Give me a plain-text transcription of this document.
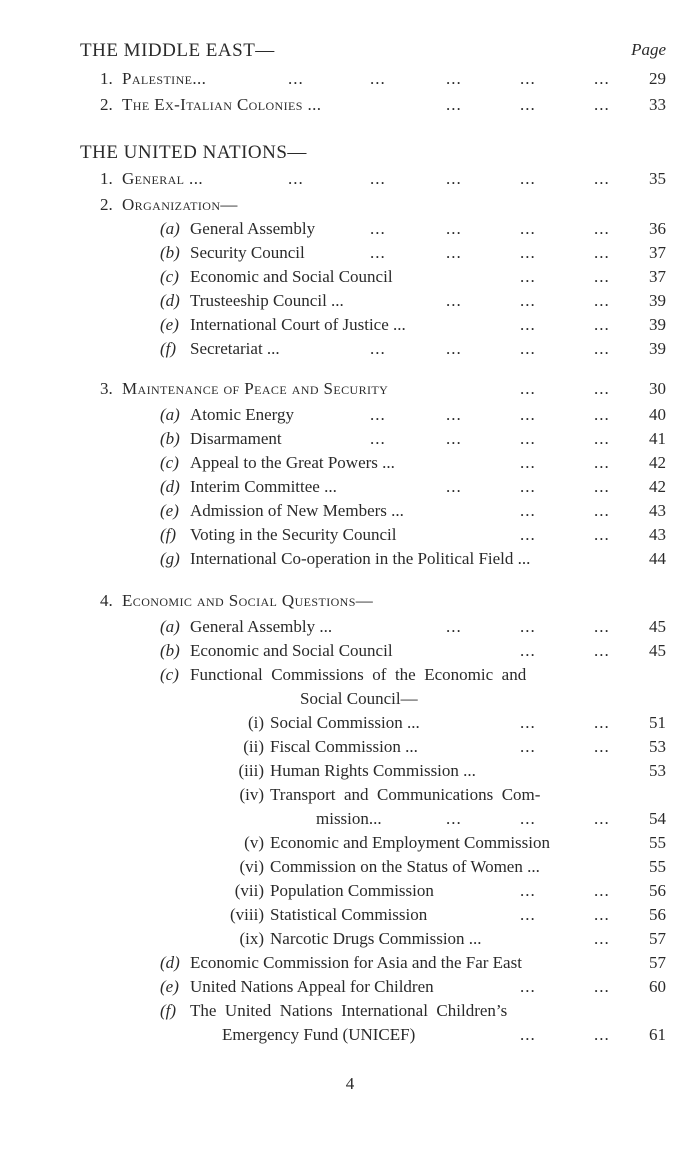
Page
THE MIDDLE EAST—
1. Palestine...	...	...	...	...	... 29
2. The Ex-Italian Colonies ...	...	...	... 33
THE UNITED NATIONS—
1. General ...	...	...	...	...	... 35
2. Organization—
(a) General Assembly	...	...	...	... 36
(b) Security Council	...	...	...	... 37
(c) Economic and Social Council	...	... 37
(d) Trusteeship Council ...	...	...	... 39
(e) International Court of Justice ...	...	... 39
(f) Secretariat ...	...	...	...	... 39
3. Maintenance of Peace and Security	...	... 30
(a) Atomic Energy	...	...	...	... 40
(b) Disarmament	...	...	...	... 41
(c) Appeal to the Great Powers ...	...	... 42
(d) Interim Committee ...	...	...	... 42
(e) Admission of New Members ...	...	... 43
(f) Voting in the Security Council	...	... 43
(g) International Co-operation in the Political Field ...	44
4. Economic and Social Questions—
(a) General Assembly ...	...	...	... 45
(b) Economic and Social Council	...	... 45
(c) Functional  Commissions  of  the  Economic  and
Social Council—
(i) Social Commission ...	...	... 51
(ii) Fiscal Commission ...	...	... 53
(iii) Human Rights Commission ...	53
(iv) Transport  and  Communications  Com-
mission...	...	...	... 54
(v) Economic and Employment Commission	55
(vi) Commission on the Status of Women ...	55
(vii) Population Commission	...	... 56
(viii) Statistical Commission	...	... 56
(ix) Narcotic Drugs Commission ...	... 57
(d) Economic Commission for Asia and the Far East	57
(e) United Nations Appeal for Children	...	... 60
(f) The  United  Nations  International  Children’s
Emergency Fund (UNICEF)	...	... 61
4
